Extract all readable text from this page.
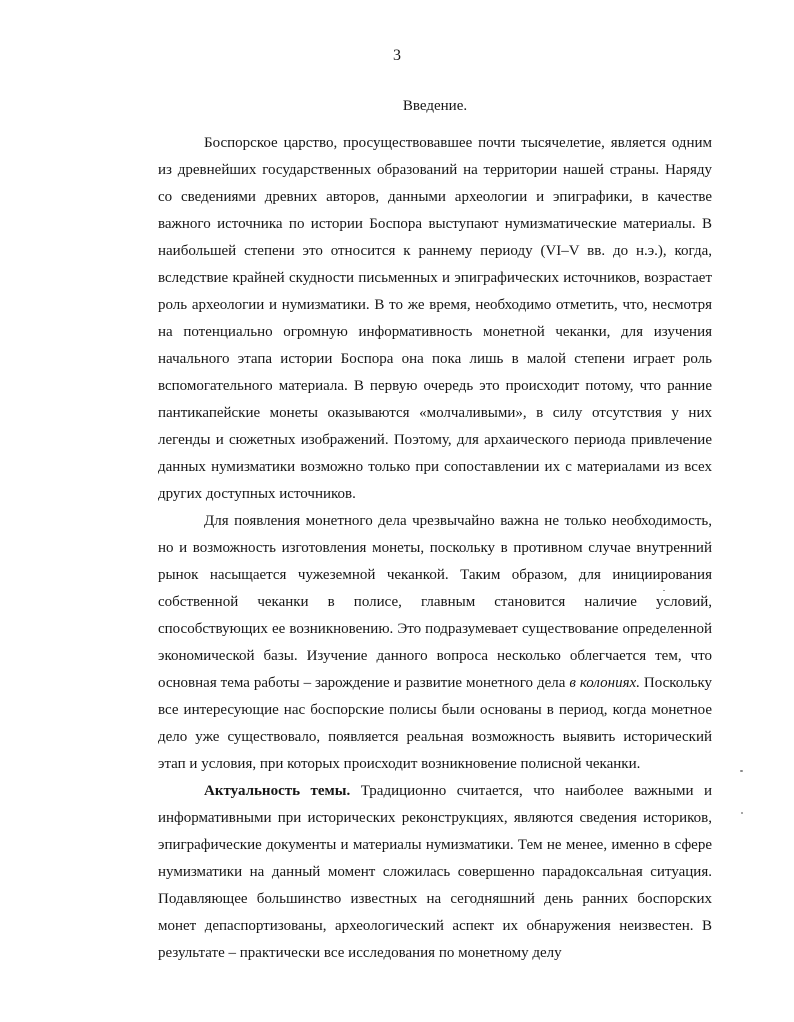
3
Введение.

Боспорское царство, просуществовавшее почти тысячелетие, является одним из древнейших государственных образований на территории нашей страны. Наряду со сведениями древних авторов, данными археологии и эпиграфики, в качестве важного источника по истории Боспора выступают нумизматические материалы. В наибольшей степени это относится к раннему периоду (VI–V вв. до н.э.), когда, вследствие крайней скудности письменных и эпиграфических источников, возрастает роль археологии и нумизматики. В то же время, необходимо отметить, что, несмотря на потенциально огромную информативность монетной чеканки, для изучения начального этапа истории Боспора она пока лишь в малой степени играет роль вспомогательного материала. В первую очередь это происходит потому, что ранние пантикапейские монеты оказываются «молчаливыми», в силу отсутствия у них легенды и сюжетных изображений. Поэтому, для архаического периода привлечение данных нумизматики возможно только при сопоставлении их с материалами из всех других доступных источников.

Для появления монетного дела чрезвычайно важна не только необходимость, но и возможность изготовления монеты, поскольку в противном случае внутренний рынок насыщается чужеземной чеканкой. Таким образом, для инициирования собственной чеканки в полисе, главным становится наличие условий, способствующих ее возникновению. Это подразумевает существование определенной экономической базы. Изучение данного вопроса несколько облегчается тем, что основная тема работы – зарождение и развитие монетного дела в колониях. Поскольку все интересующие нас боспорские полисы были основаны в период, когда монетное дело уже существовало, появляется реальная возможность выявить исторический этап и условия, при которых происходит возникновение полисной чеканки.

Актуальность темы. Традиционно считается, что наиболее важными и информативными при исторических реконструкциях, являются сведения историков, эпиграфические документы и материалы нумизматики. Тем не менее, именно в сфере нумизматики на данный момент сложилась совершенно парадоксальная ситуация. Подавляющее большинство известных на сегодняшний день ранних боспорских монет депаспортизованы, археологический аспект их обнаружения неизвестен. В результате – практически все исследования по монетному делу
